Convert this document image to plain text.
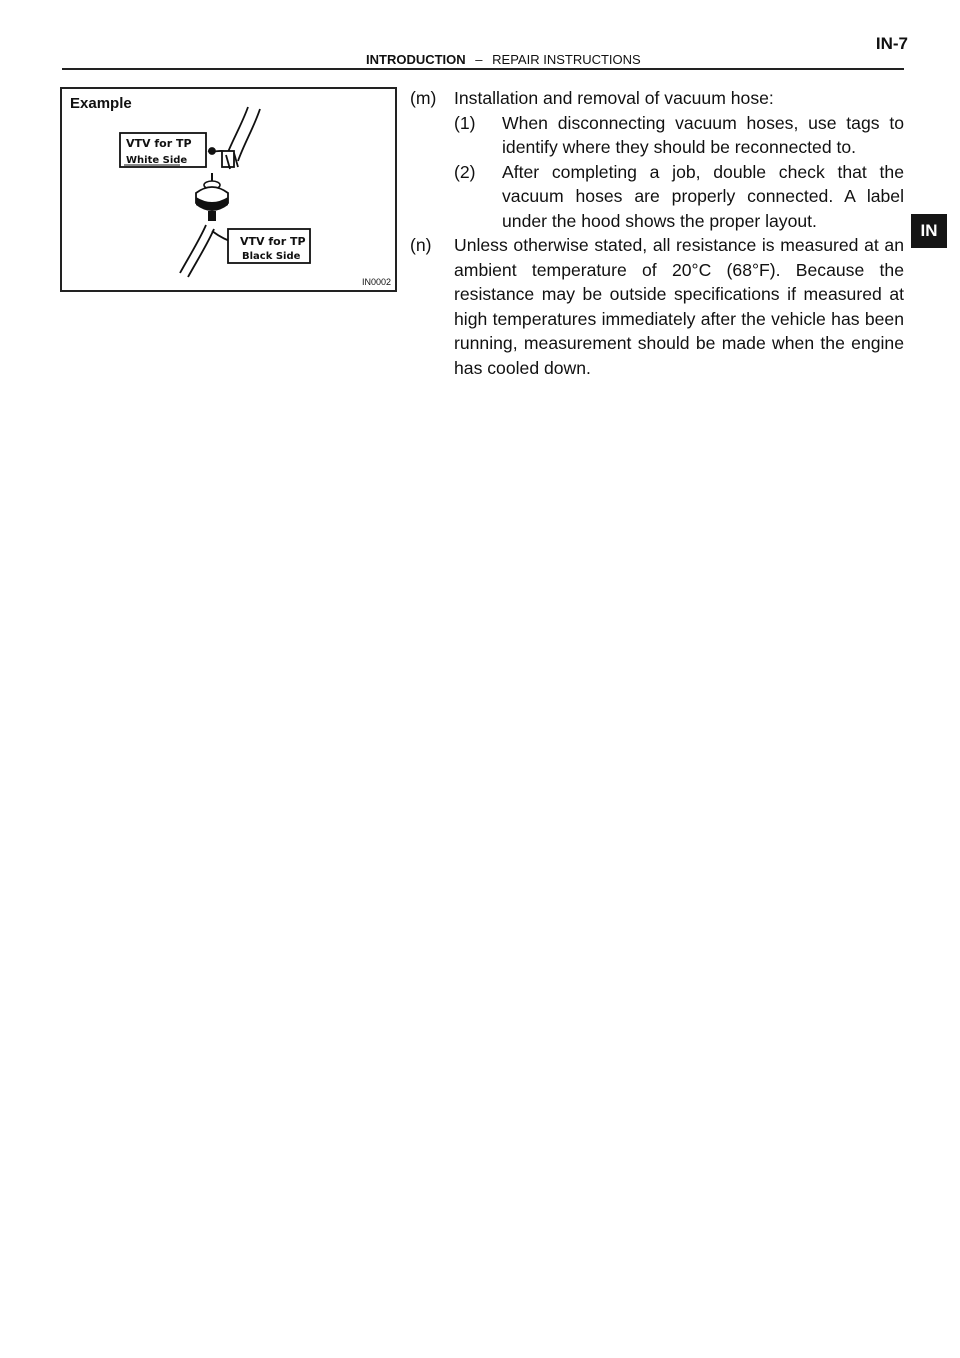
IN-7
INTRODUCTION – REPAIR INSTRUCTIONS
Example
VTV for TP
White Side
VTV for TP
Black Side
IN0002
(m) Installation and removal of vacuum hose:
(1) When disconnecting vacuum hoses, use tags to identify where they should be reconnected to.
(2) After completing a job, double check that the vacuum hoses are properly connected. A label under the hood shows the proper layout.
(n) Unless otherwise stated, all resistance is measured at an ambient temperature of 20°C (68°F). Because the resistance may be outside specifications if measured at high temperatures immediately after the vehicle has been running, measurement should be made when the engine has cooled down.
IN
